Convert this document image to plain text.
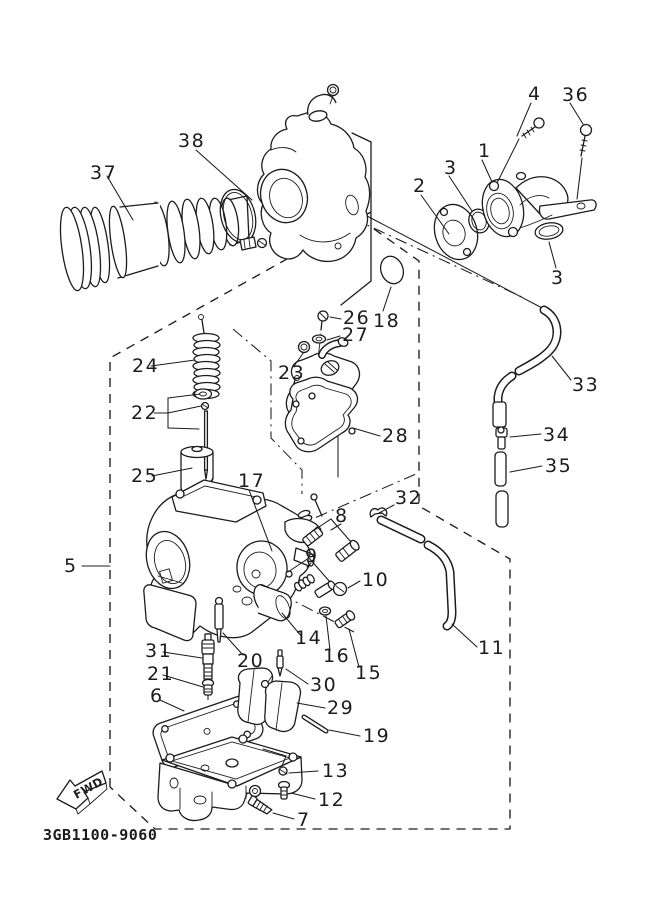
FWD
3GB1100-9060
37
38
4 36
1
3
2
3
18
26
27
23
28
24
22
25
33
34
35
32
17
5
8
9
10
11
14
16
15
20
30
29
19
31
21
6
13
12
7
